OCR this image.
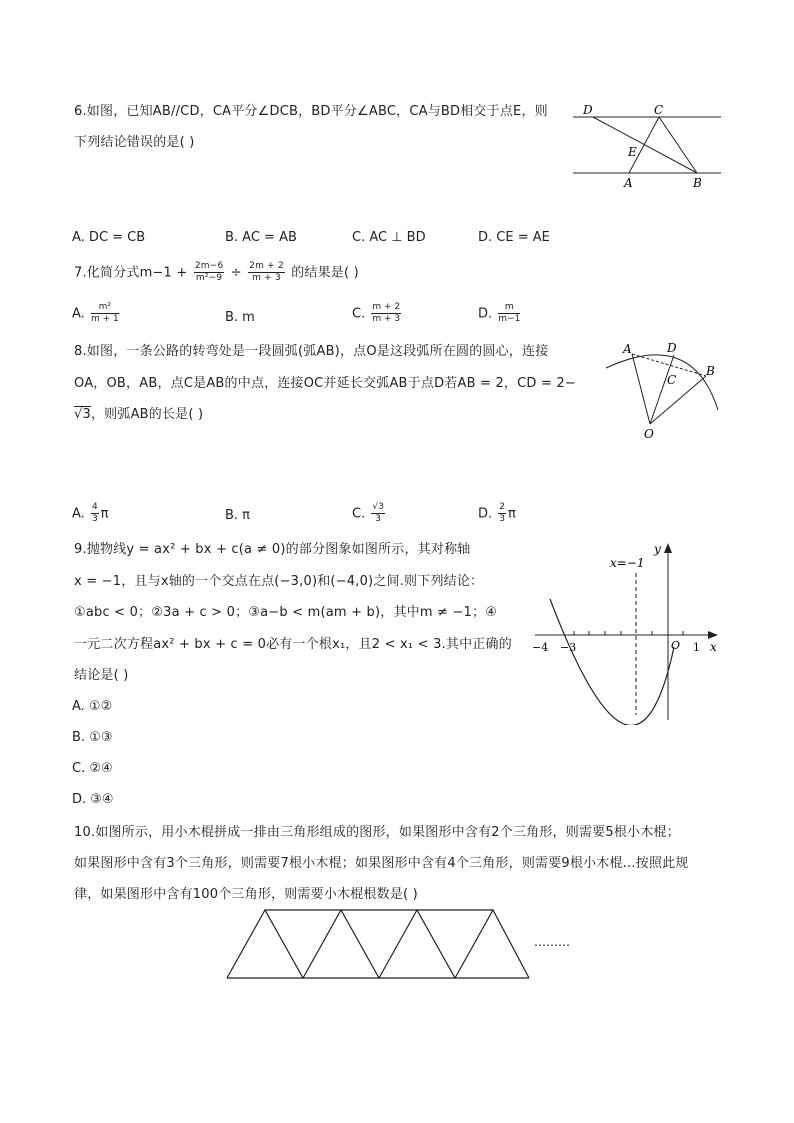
6.如图，已知AB//CD，CA平分∠DCB，BD平分∠ABC，CA与BD相交于点E，则
下列结论错误的是( )
D	C
E
A	B
A. DC = CB	B. AC = AB	C. AC ⊥ BD	D. CE = AE
7.化简分式$m-1 + \frac{2m-6}{\text{m²−9}} \div \frac{2m + 2}{m + 3}$ 的结果是( )
A. $\frac{\text{m²}}{m + 1}$	B. m	C. $\frac{m + 2}{m + 3}$	D. $\frac{m}{m-1}$
8.如图，一条公路的转弯处是一段圆弧(弧AB)，点O是这段弧所在圆的圆心，连接
OA，OB，AB，点C是AB的中点，连接OC并延长交弧AB于点D若AB = 2，CD = 2−
√3，则弧AB的长是( )
A	D
C
B
O
A. $\frac{4}{3}$ π	B. π	C. $\frac{√3}{3}$	D. $\frac{2}{3}$ π
9.抛物线y = ax² + bx + c(a ≠ 0)的部分图象如图所示，其对称轴
x = −1，且与x轴的一个交点在点(−3,0)和(−4,0)之间.则下列结论：
①abc < 0；②3a + c > 0；③a−b < m(am + b)，其中m ≠ −1；④
一元二次方程ax² + bx + c = 0必有一个根x₁，且2 < x₁ < 3.其中正确的
结论是( )
y
x
x=−1
−4 −3	O 1
A. ①②
B. ①③
C. ②④
D. ③④
10.如图所示，用小木棍拼成一排由三角形组成的图形，如果图形中含有2个三角形，则需要5根小木棍；
如果图形中含有3个三角形，则需要7根小木棍；如果图形中含有4个三角形，则需要9根小木棍...按照此规
律，如果图形中含有100个三角形，则需要小木棍根数是( )
………
